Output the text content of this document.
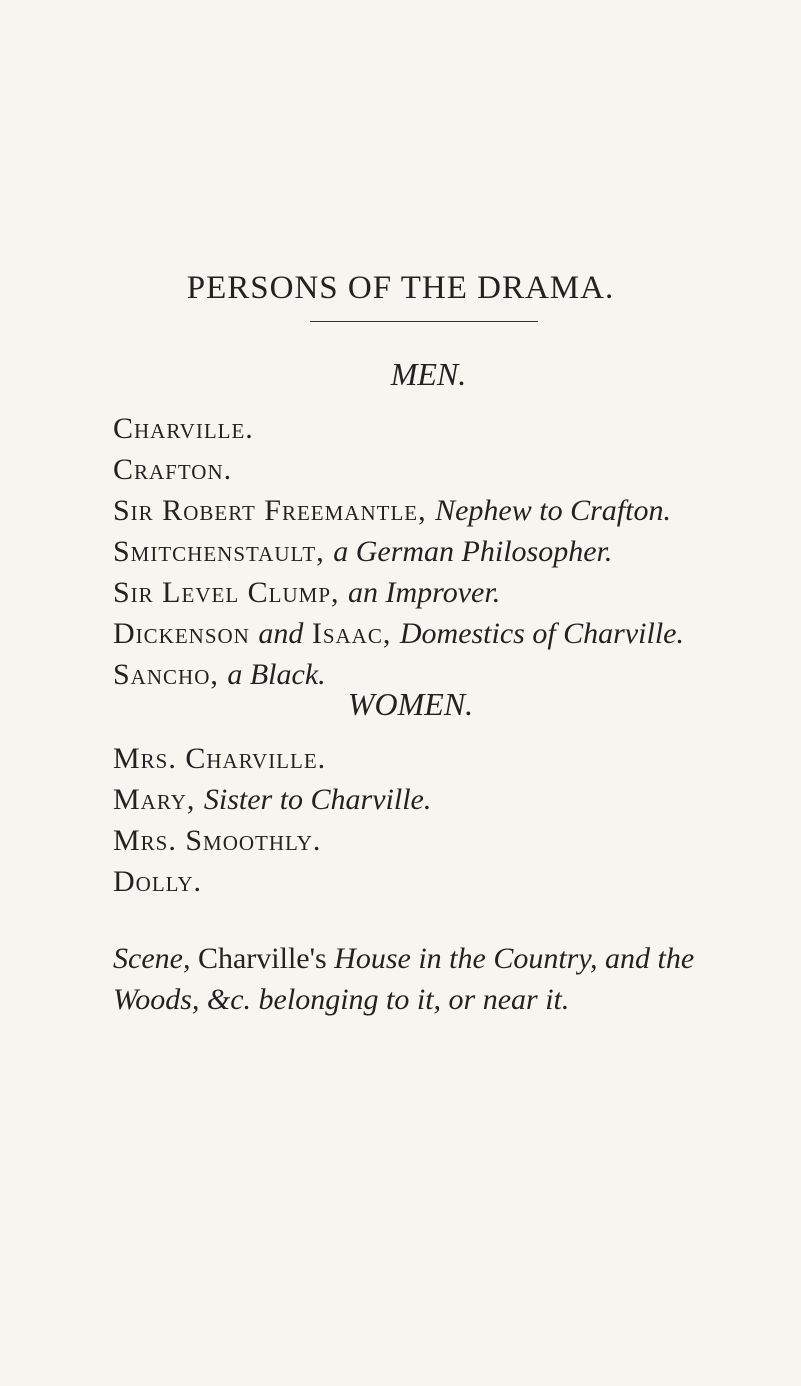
PERSONS OF THE DRAMA.
MEN.
Charville.
Crafton.
Sir Robert Freemantle, Nephew to Crafton.
Smitchenstault, a German Philosopher.
Sir Level Clump, an Improver.
Dickenson and Isaac, Domestics of Charville.
Sancho, a Black.
WOMEN.
Mrs. Charville.
Mary, Sister to Charville.
Mrs. Smoothly.
Dolly.
Scene, Charville's House in the Country, and the
Woods, &c. belonging to it, or near it.
